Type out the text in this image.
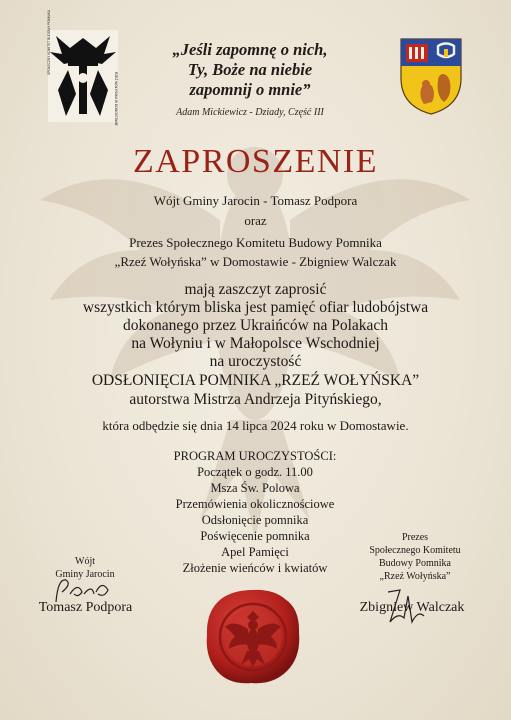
SPOŁECZNY KOMITET BUDOWY POMNIKA
RZEŹ WOŁYŃSKA W DOMOSTAWIE
„Jeśli zapomnę o nich,
Ty, Boże na niebie
zapomnij o mnie”
Adam Mickiewicz - Dziady, Część III
ZAPROSZENIE
Wójt Gminy Jarocin - Tomasz Podpora
oraz
Prezes Społecznego Komitetu Budowy Pomnika
„Rzeź Wołyńska” w Domostawie - Zbigniew Walczak
mają zaszczyt zaprosić
wszystkich którym bliska jest pamięć ofiar ludobójstwa
dokonanego przez Ukraińców na Polakach
na Wołyniu i w Małopolsce Wschodniej
na uroczystość
ODSŁONIĘCIA POMNIKA „RZEŹ WOŁYŃSKA”
autorstwa Mistrza Andrzeja Pityńskiego,
która odbędzie się dnia 14 lipca 2024 roku w Domostawie.
PROGRAM UROCZYSTOŚCI:
Początek o godz. 11.00
Msza Św. Polowa
Przemówienia okolicznościowe
Odsłonięcie pomnika
Poświęcenie pomnika
Apel Pamięci
Złożenie wieńców i kwiatów
Wójt
Gminy Jarocin
Tomasz Podpora
Prezes
Społecznego Komitetu
Budowy Pomnika
„Rzeź Wołyńska”
Zbigniew Walczak
